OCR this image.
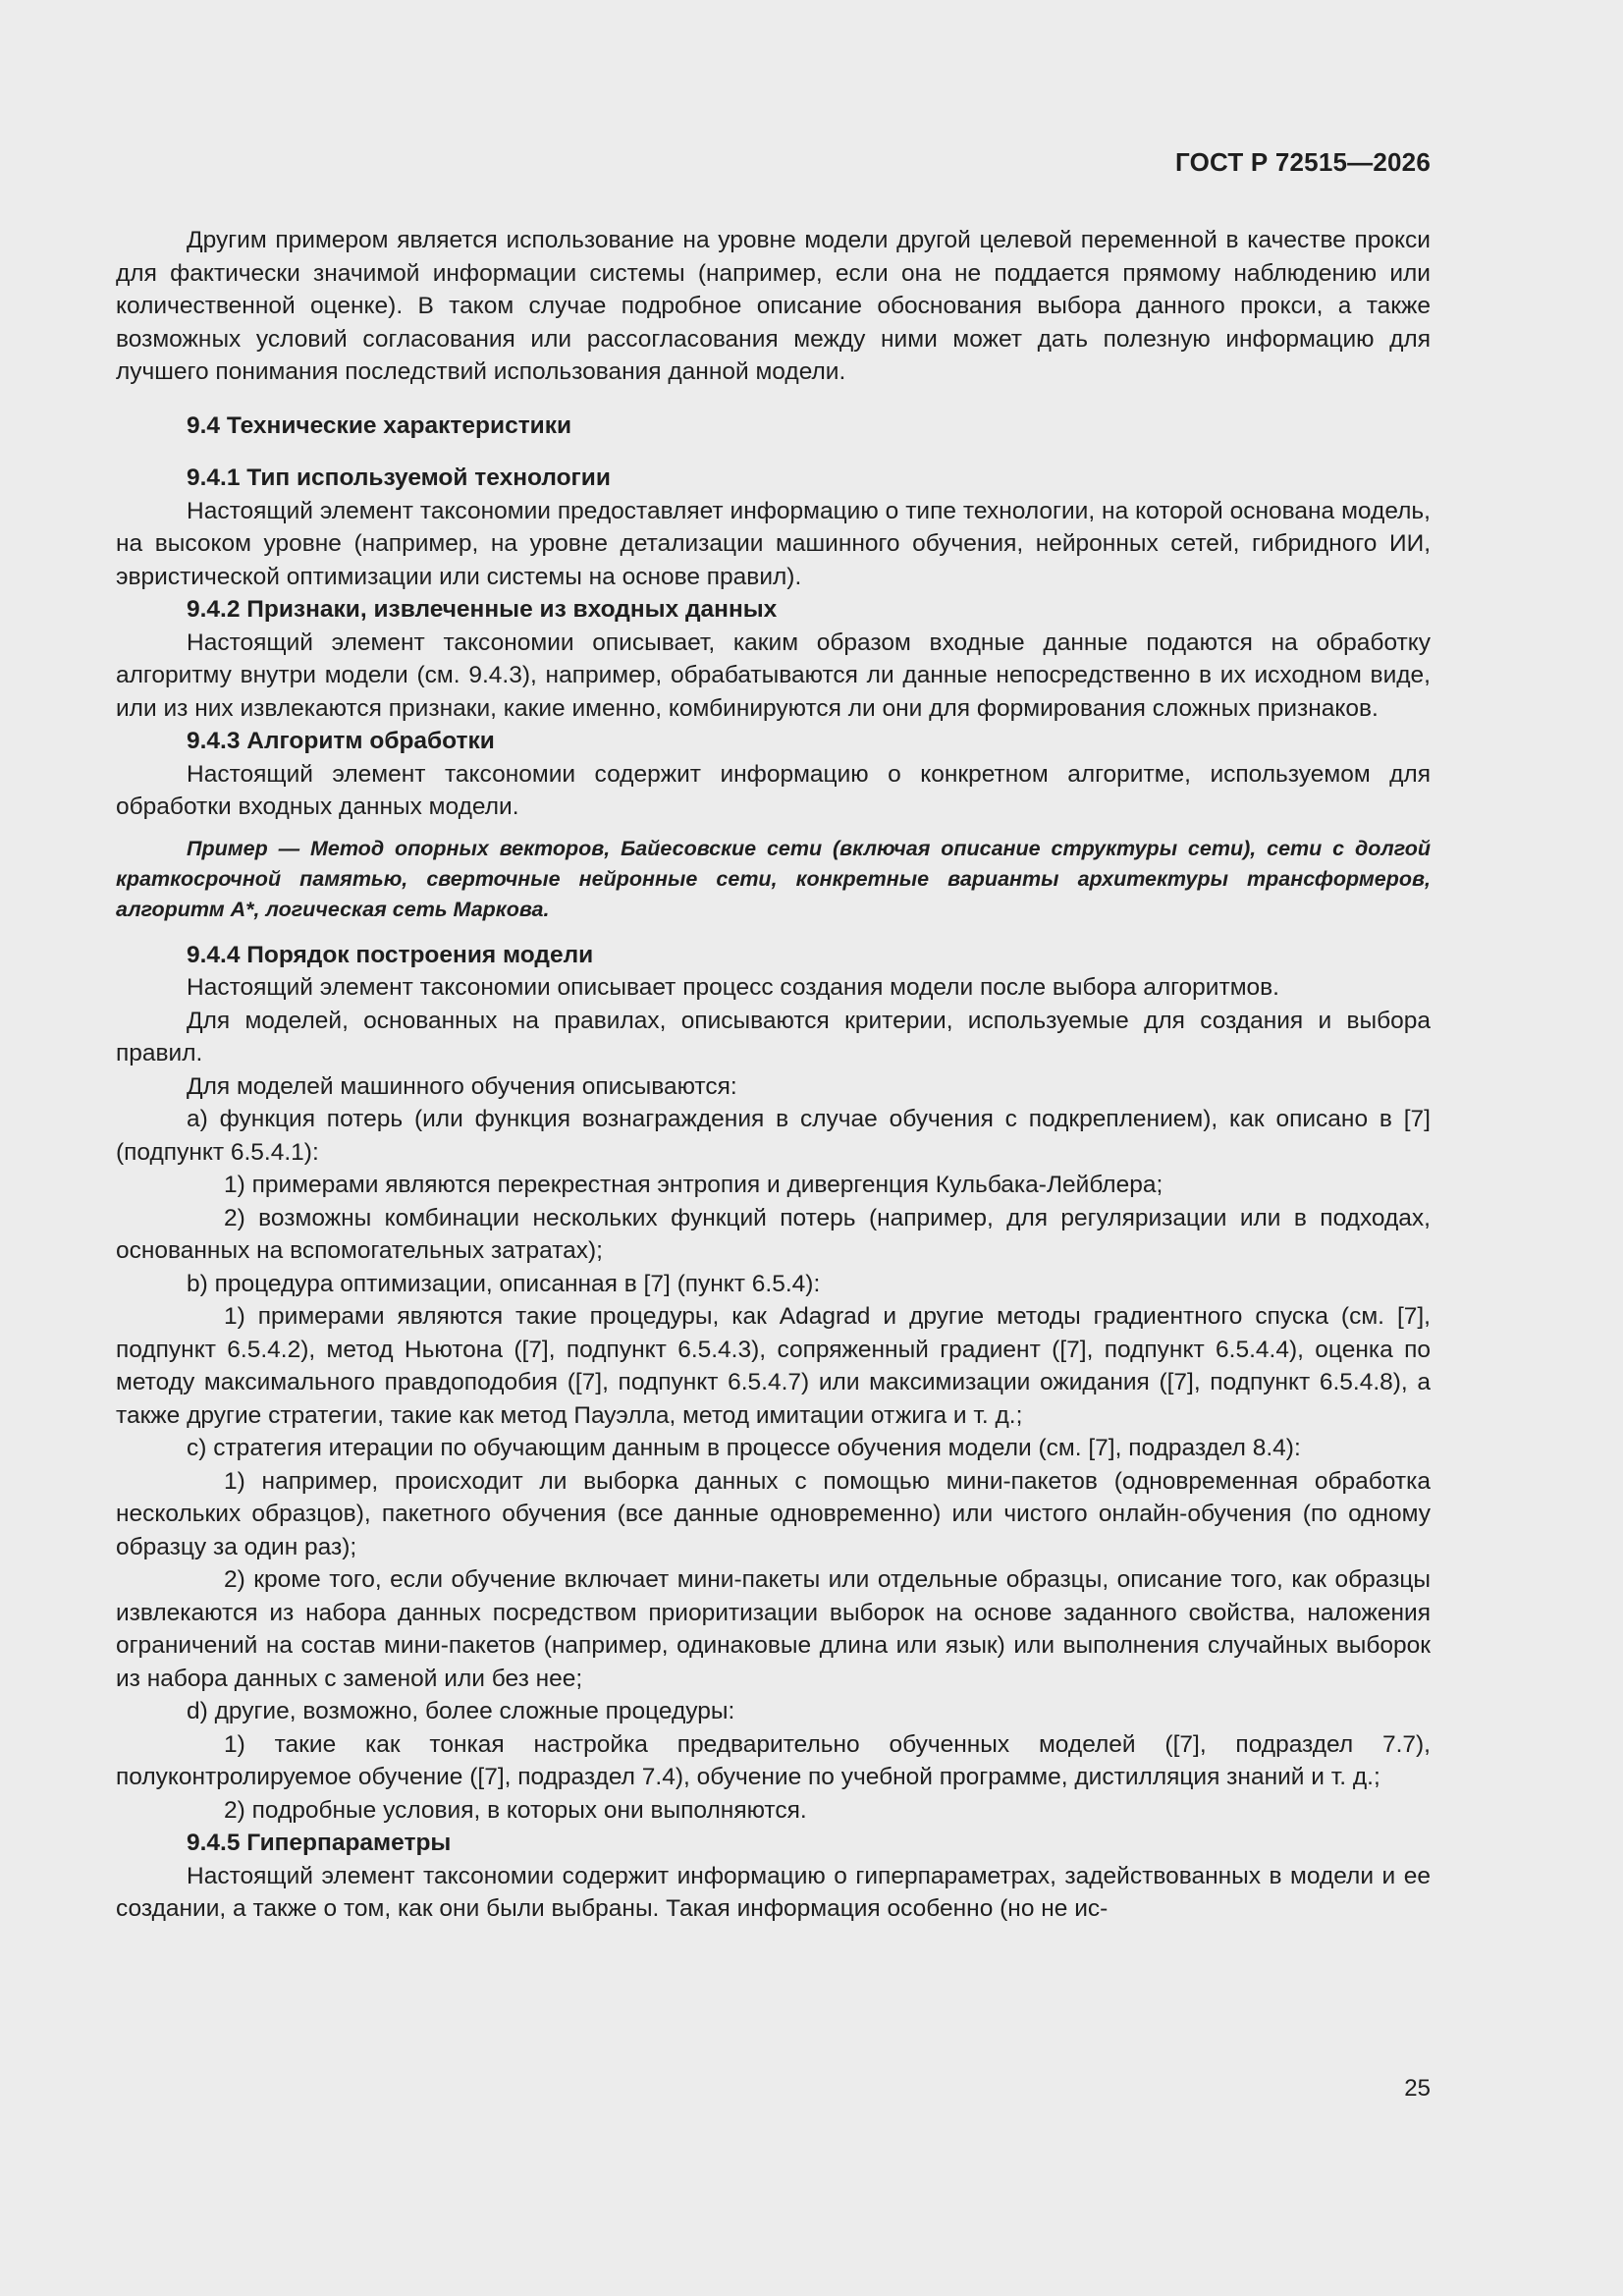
ГОСТ Р 72515—2026

Другим примером является использование на уровне модели другой целевой переменной в качестве прокси для фактически значимой информации системы (например, если она не поддается прямому наблюдению или количественной оценке). В таком случае подробное описание обоснования выбора данного прокси, а также возможных условий согласования или рассогласования между ними может дать полезную информацию для лучшего понимания последствий использования данной модели.

9.4 Технические характеристики

9.4.1 Тип используемой технологии

Настоящий элемент таксономии предоставляет информацию о типе технологии, на которой основана модель, на высоком уровне (например, на уровне детализации машинного обучения, нейронных сетей, гибридного ИИ, эвристической оптимизации или системы на основе правил).

9.4.2 Признаки, извлеченные из входных данных

Настоящий элемент таксономии описывает, каким образом входные данные подаются на обработку алгоритму внутри модели (см. 9.4.3), например, обрабатываются ли данные непосредственно в их исходном виде, или из них извлекаются признаки, какие именно, комбинируются ли они для формирования сложных признаков.

9.4.3 Алгоритм обработки

Настоящий элемент таксономии содержит информацию о конкретном алгоритме, используемом для обработки входных данных модели.

Пример — Метод опорных векторов, Байесовские сети (включая описание структуры сети), сети с долгой краткосрочной памятью, сверточные нейронные сети, конкретные варианты архитектуры трансформеров, алгоритм А*, логическая сеть Маркова.

9.4.4 Порядок построения модели

Настоящий элемент таксономии описывает процесс создания модели после выбора алгоритмов.

Для моделей, основанных на правилах, описываются критерии, используемые для создания и выбора правил.

Для моделей машинного обучения описываются:

a) функция потерь (или функция вознаграждения в случае обучения с подкреплением), как описано в [7] (подпункт 6.5.4.1):

1) примерами являются перекрестная энтропия и дивергенция Кульбака-Лейблера;

2) возможны комбинации нескольких функций потерь (например, для регуляризации или в подходах, основанных на вспомогательных затратах);

b) процедура оптимизации, описанная в [7] (пункт 6.5.4):

1) примерами являются такие процедуры, как Adagrad и другие методы градиентного спуска (см. [7], подпункт 6.5.4.2), метод Ньютона ([7], подпункт 6.5.4.3), сопряженный градиент ([7], подпункт 6.5.4.4), оценка по методу максимального правдоподобия ([7], подпункт 6.5.4.7) или максимизации ожидания ([7], подпункт 6.5.4.8), а также другие стратегии, такие как метод Пауэлла, метод имитации отжига и т. д.;

c) стратегия итерации по обучающим данным в процессе обучения модели (см. [7], подраздел 8.4):

1) например, происходит ли выборка данных с помощью мини-пакетов (одновременная обработка нескольких образцов), пакетного обучения (все данные одновременно) или чистого онлайн-обучения (по одному образцу за один раз);

2) кроме того, если обучение включает мини-пакеты или отдельные образцы, описание того, как образцы извлекаются из набора данных посредством приоритизации выборок на основе заданного свойства, наложения ограничений на состав мини-пакетов (например, одинаковые длина или язык) или выполнения случайных выборок из набора данных с заменой или без нее;

d) другие, возможно, более сложные процедуры:

1) такие как тонкая настройка предварительно обученных моделей ([7], подраздел 7.7), полуконтролируемое обучение ([7], подраздел 7.4), обучение по учебной программе, дистилляция знаний и т. д.;

2) подробные условия, в которых они выполняются.

9.4.5 Гиперпараметры

Настоящий элемент таксономии содержит информацию о гиперпараметрах, задействованных в модели и ее создании, а также о том, как они были выбраны. Такая информация особенно (но не ис-

25
